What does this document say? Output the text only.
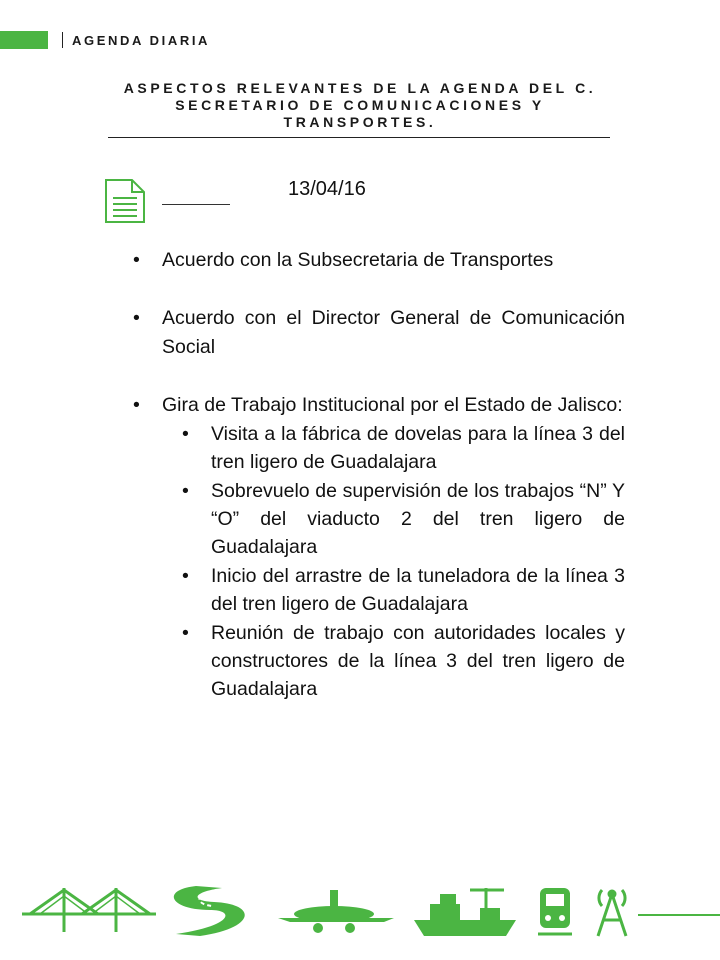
AGENDA DIARIA
ASPECTOS RELEVANTES DE LA AGENDA DEL C. SECRETARIO DE COMUNICACIONES Y TRANSPORTES.
13/04/16
• Acuerdo con la Subsecretaria de Transportes
• Acuerdo con el Director General de Comunicación Social
• Gira de Trabajo Institucional por el Estado de Jalisco:
• Visita a la fábrica de dovelas para la línea 3 del tren ligero de Guadalajara
• Sobrevuelo de supervisión de los trabajos “N” Y “O” del viaducto 2 del tren ligero de Guadalajara
• Inicio del arrastre de la tuneladora de la línea 3 del tren ligero de Guadalajara
• Reunión de trabajo con autoridades locales y constructores de la línea 3 del tren ligero de Guadalajara
